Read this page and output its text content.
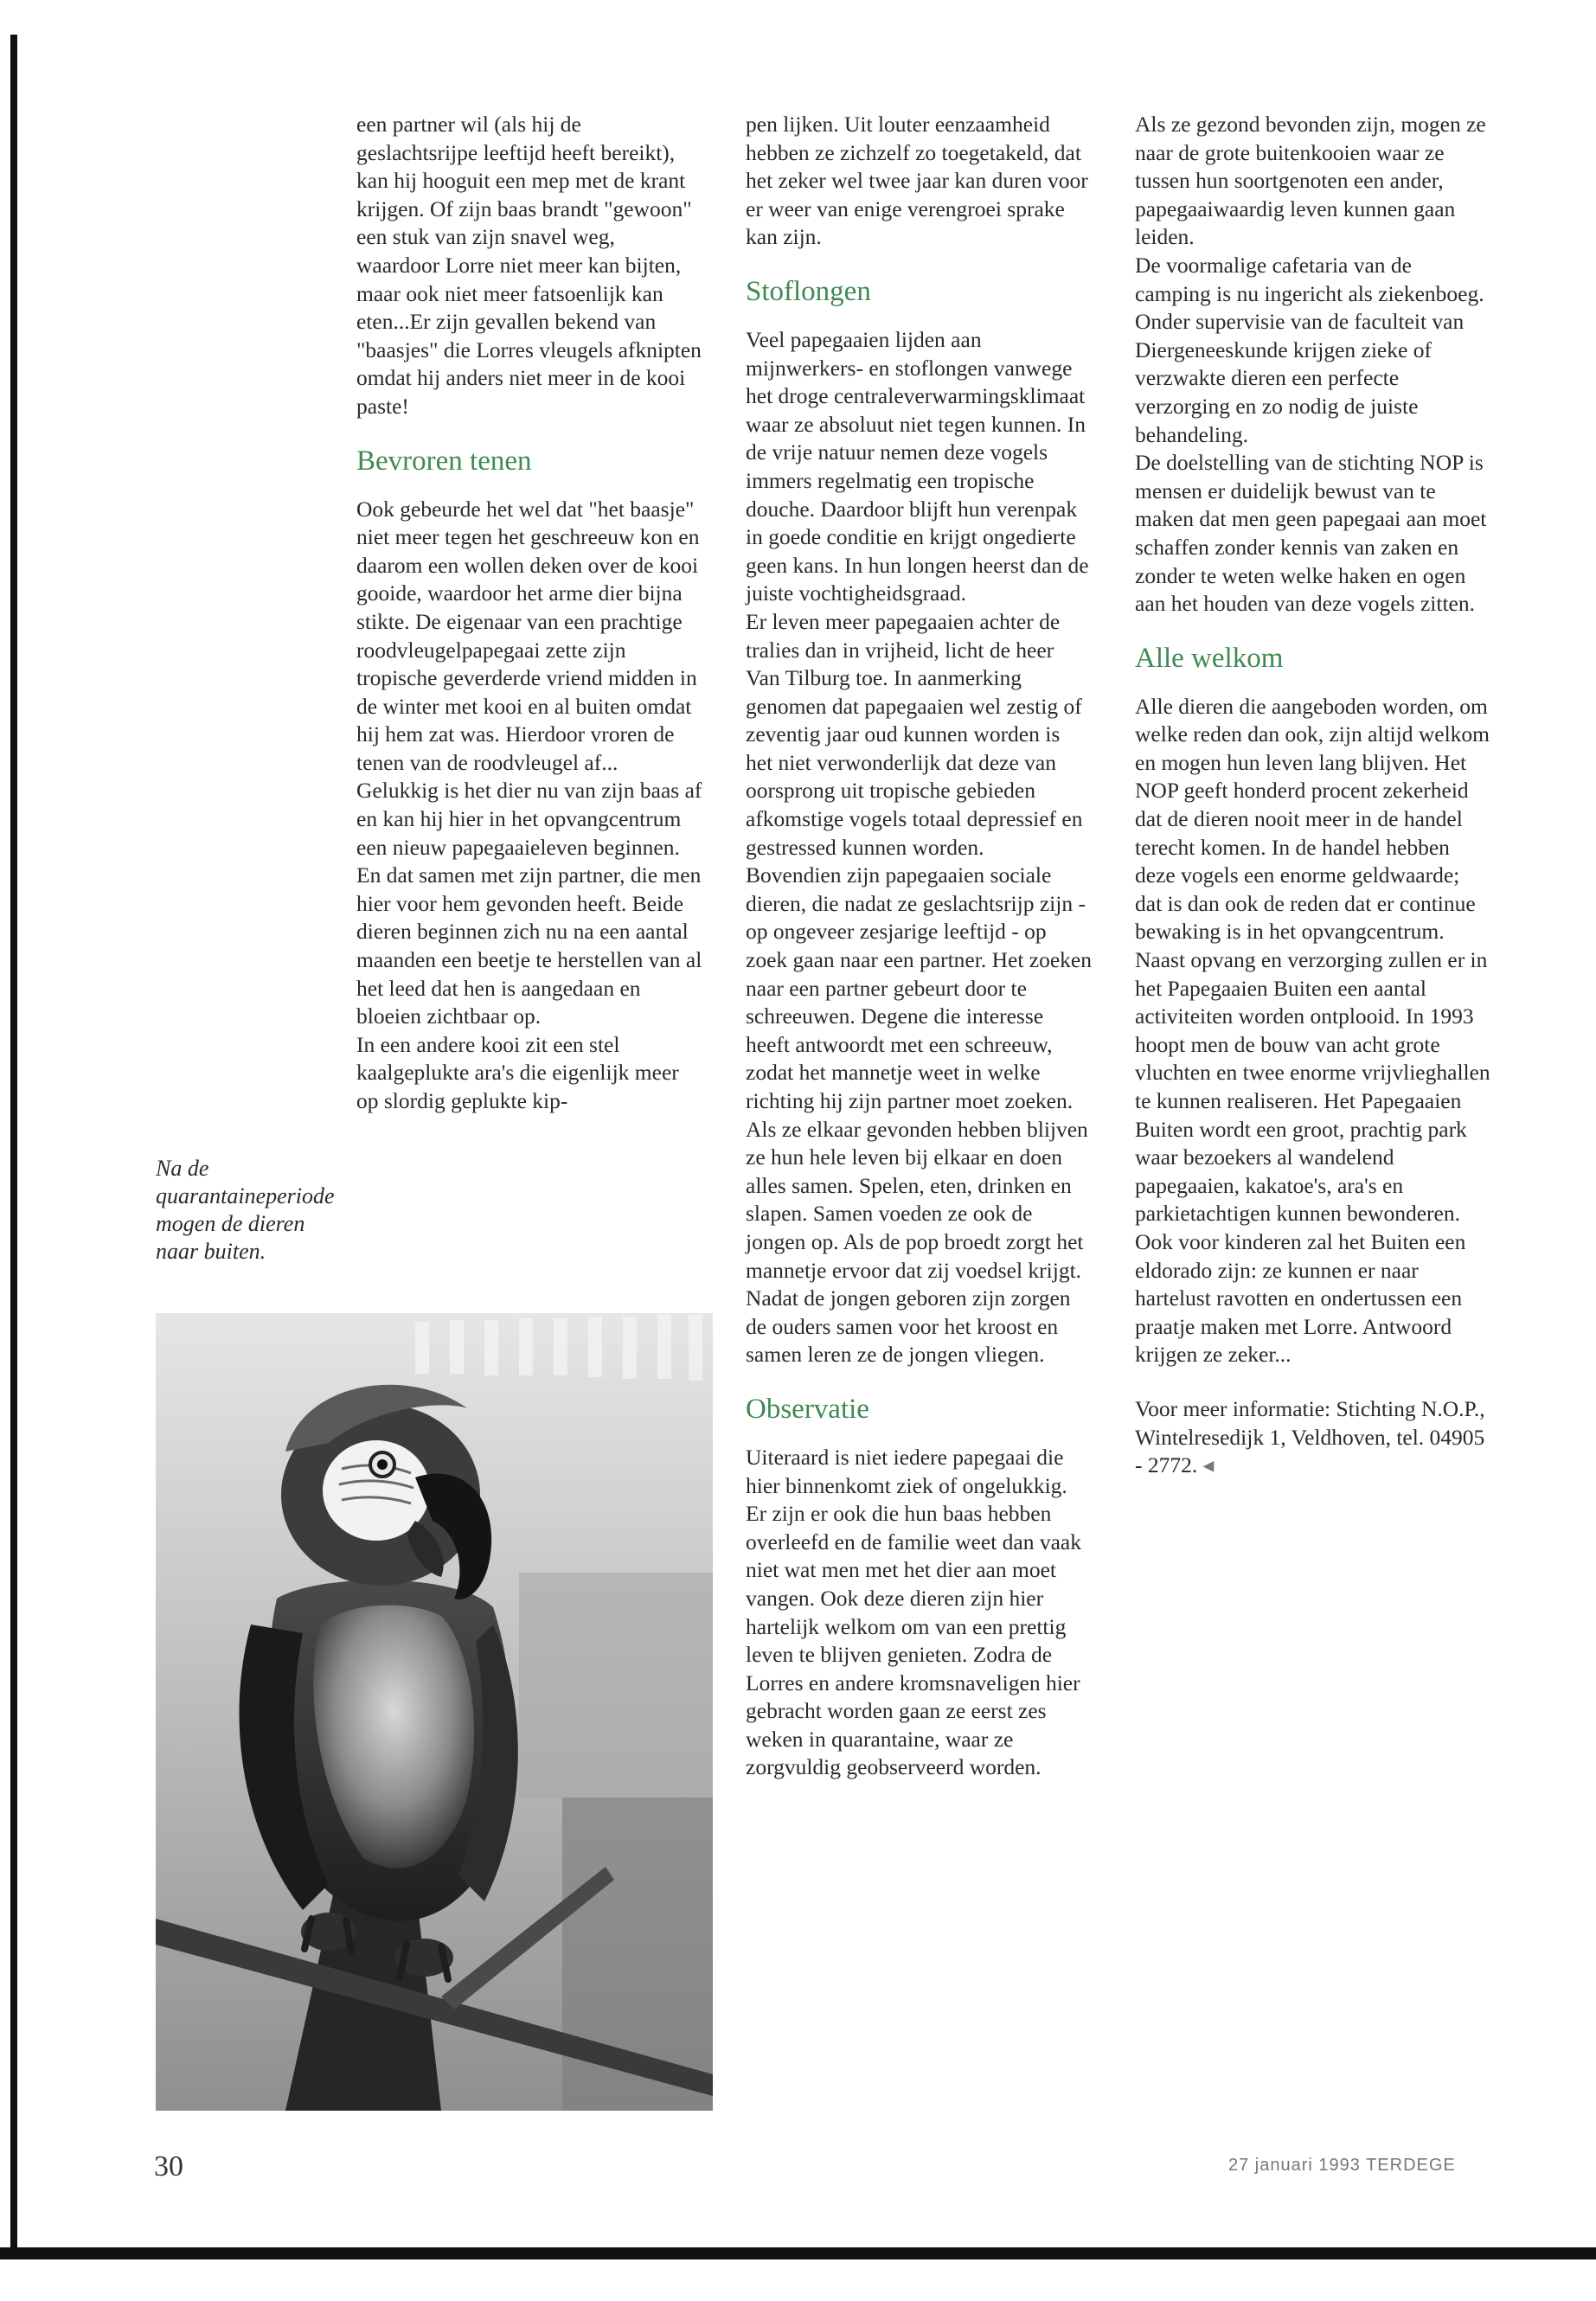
een partner wil (als hij de geslachtsrijpe leeftijd heeft bereikt), kan hij hooguit een mep met de krant krijgen. Of zijn baas brandt "gewoon" een stuk van zijn snavel weg, waardoor Lorre niet meer kan bijten, maar ook niet meer fatsoenlijk kan eten...Er zijn gevallen bekend van "baasjes" die Lorres vleugels afknipten omdat hij anders niet meer in de kooi paste!

Bevroren tenen

Ook gebeurde het wel dat "het baasje" niet meer tegen het geschreeuw kon en daarom een wollen deken over de kooi gooide, waardoor het arme dier bijna stikte. De eigenaar van een prachtige roodvleugelpapegaai zette zijn tropische geverderde vriend midden in de winter met kooi en al buiten omdat hij hem zat was. Hierdoor vroren de tenen van de roodvleugel af... Gelukkig is het dier nu van zijn baas af en kan hij hier in het opvangcentrum een nieuw papegaaieleven beginnen. En dat samen met zijn partner, die men hier voor hem gevonden heeft. Beide dieren beginnen zich nu na een aantal maanden een beetje te herstellen van al het leed dat hen is aangedaan en bloeien zichtbaar op.

In een andere kooi zit een stel kaalgeplukte ara's die eigenlijk meer op slordig geplukte kip-

pen lijken. Uit louter eenzaamheid hebben ze zichzelf zo toegetakeld, dat het zeker wel twee jaar kan duren voor er weer van enige verengroei sprake kan zijn.

Stoflongen

Veel papegaaien lijden aan mijnwerkers- en stoflongen vanwege het droge centraleverwarmingsklimaat waar ze absoluut niet tegen kunnen. In de vrije natuur nemen deze vogels immers regelmatig een tropische douche. Daardoor blijft hun verenpak in goede conditie en krijgt ongedierte geen kans. In hun longen heerst dan de juiste vochtigheidsgraad.

Er leven meer papegaaien achter de tralies dan in vrijheid, licht de heer Van Tilburg toe. In aanmerking genomen dat papegaaien wel zestig of zeventig jaar oud kunnen worden is het niet verwonderlijk dat deze van oorsprong uit tropische gebieden afkomstige vogels totaal depressief en gestressed kunnen worden.

Bovendien zijn papegaaien sociale dieren, die nadat ze geslachtsrijp zijn - op ongeveer zesjarige leeftijd - op zoek gaan naar een partner. Het zoeken naar een partner gebeurt door te schreeuwen. Degene die interesse heeft antwoordt met een schreeuw, zodat het mannetje weet in welke richting hij zijn partner moet zoeken. Als ze elkaar gevonden hebben blijven ze hun hele leven bij elkaar en doen alles samen. Spelen, eten, drinken en slapen. Samen voeden ze ook de jongen op. Als de pop broedt zorgt het mannetje ervoor dat zij voedsel krijgt. Nadat de jongen geboren zijn zorgen de ouders samen voor het kroost en samen leren ze de jongen vliegen.

Observatie

Uiteraard is niet iedere papegaai die hier binnenkomt ziek of ongelukkig. Er zijn er ook die hun baas hebben overleefd en de familie weet dan vaak niet wat men met het dier aan moet vangen. Ook deze dieren zijn hier hartelijk welkom om van een prettig leven te blijven genieten. Zodra de Lorres en andere kromsnaveligen hier gebracht worden gaan ze eerst zes weken in quarantaine, waar ze zorgvuldig geobserveerd worden.

Als ze gezond bevonden zijn, mogen ze naar de grote buitenkooien waar ze tussen hun soortgenoten een ander, papegaaiwaardig leven kunnen gaan leiden.

De voormalige cafetaria van de camping is nu ingericht als ziekenboeg. Onder supervisie van de faculteit van Diergeneeskunde krijgen zieke of verzwakte dieren een perfecte verzorging en zo nodig de juiste behandeling.

De doelstelling van de stichting NOP is mensen er duidelijk bewust van te maken dat men geen papegaai aan moet schaffen zonder kennis van zaken en zonder te weten welke haken en ogen aan het houden van deze vogels zitten.

Alle welkom

Alle dieren die aangeboden worden, om welke reden dan ook, zijn altijd welkom en mogen hun leven lang blijven. Het NOP geeft honderd procent zekerheid dat de dieren nooit meer in de handel terecht komen. In de handel hebben deze vogels een enorme geldwaarde; dat is dan ook de reden dat er continue bewaking is in het opvangcentrum.

Naast opvang en verzorging zullen er in het Papegaaien Buiten een aantal activiteiten worden ontplooid. In 1993 hoopt men de bouw van acht grote vluchten en twee enorme vrijvlieghallen te kunnen realiseren. Het Papegaaien Buiten wordt een groot, prachtig park waar bezoekers al wandelend papegaaien, kakatoe's, ara's en parkietachtigen kunnen bewonderen. Ook voor kinderen zal het Buiten een eldorado zijn: ze kunnen er naar hartelust ravotten en ondertussen een praatje maken met Lorre. Antwoord krijgen ze zeker...

Voor meer informatie: Stichting N.O.P., Wintelresedijk 1, Veldhoven, tel. 04905 - 2772. ◂

Na de quarantaineperiode mogen de dieren naar buiten.
30	27 januari 1993 TERDEGE
